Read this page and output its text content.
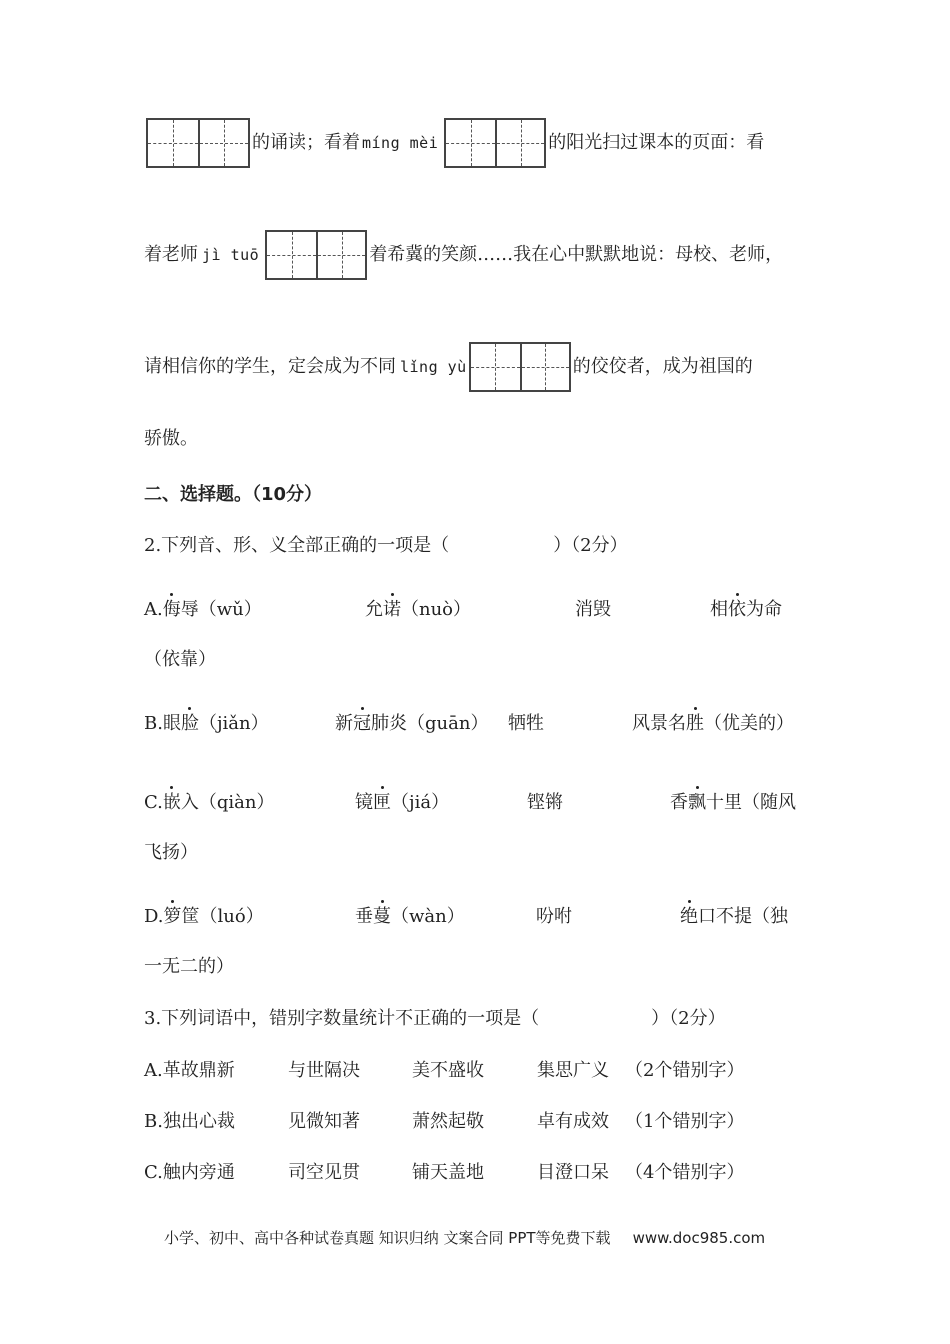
的诵读；看着 míng mèi	的阳光扫过课本的页面：看
着老师 jì tuō	着希冀的笑颜……我在心中默默地说：母校、老师，
请相信你的学生，定会成为不同 lǐng yù	的佼佼者，成为祖国的
骄傲。
二、选择题。（10分）
2.下列音、形、义全部正确的一项是（	）（2分）
A.侮辱（wǔ）	允诺（nuò）	消毁	相依为命
（依靠）
B.眼脸（jiǎn）	新冠肺炎（guān） 牺牲	风景名胜（优美的）
C.嵌入（qiàn）	镜匣（jiá）	铿锵	香飘十里（随风
飞扬）
D.箩筐（luó）	垂蔓（wàn）	吩咐	绝口不提（独
一无二的）
3.下列词语中，错别字数量统计不正确的一项是（	）（2分）
A.革故鼎新	与世隔决	美不盛收	集思广义 （2个错别字）
B.独出心裁	见微知著	萧然起敬	卓有成效 （1个错别字）
C.触内旁通	司空见贯	铺天盖地	目澄口呆 （4个错别字）
小学、初中、高中各种试卷真题 知识归纳 文案合同 PPT等免费下载 www.doc985.com
